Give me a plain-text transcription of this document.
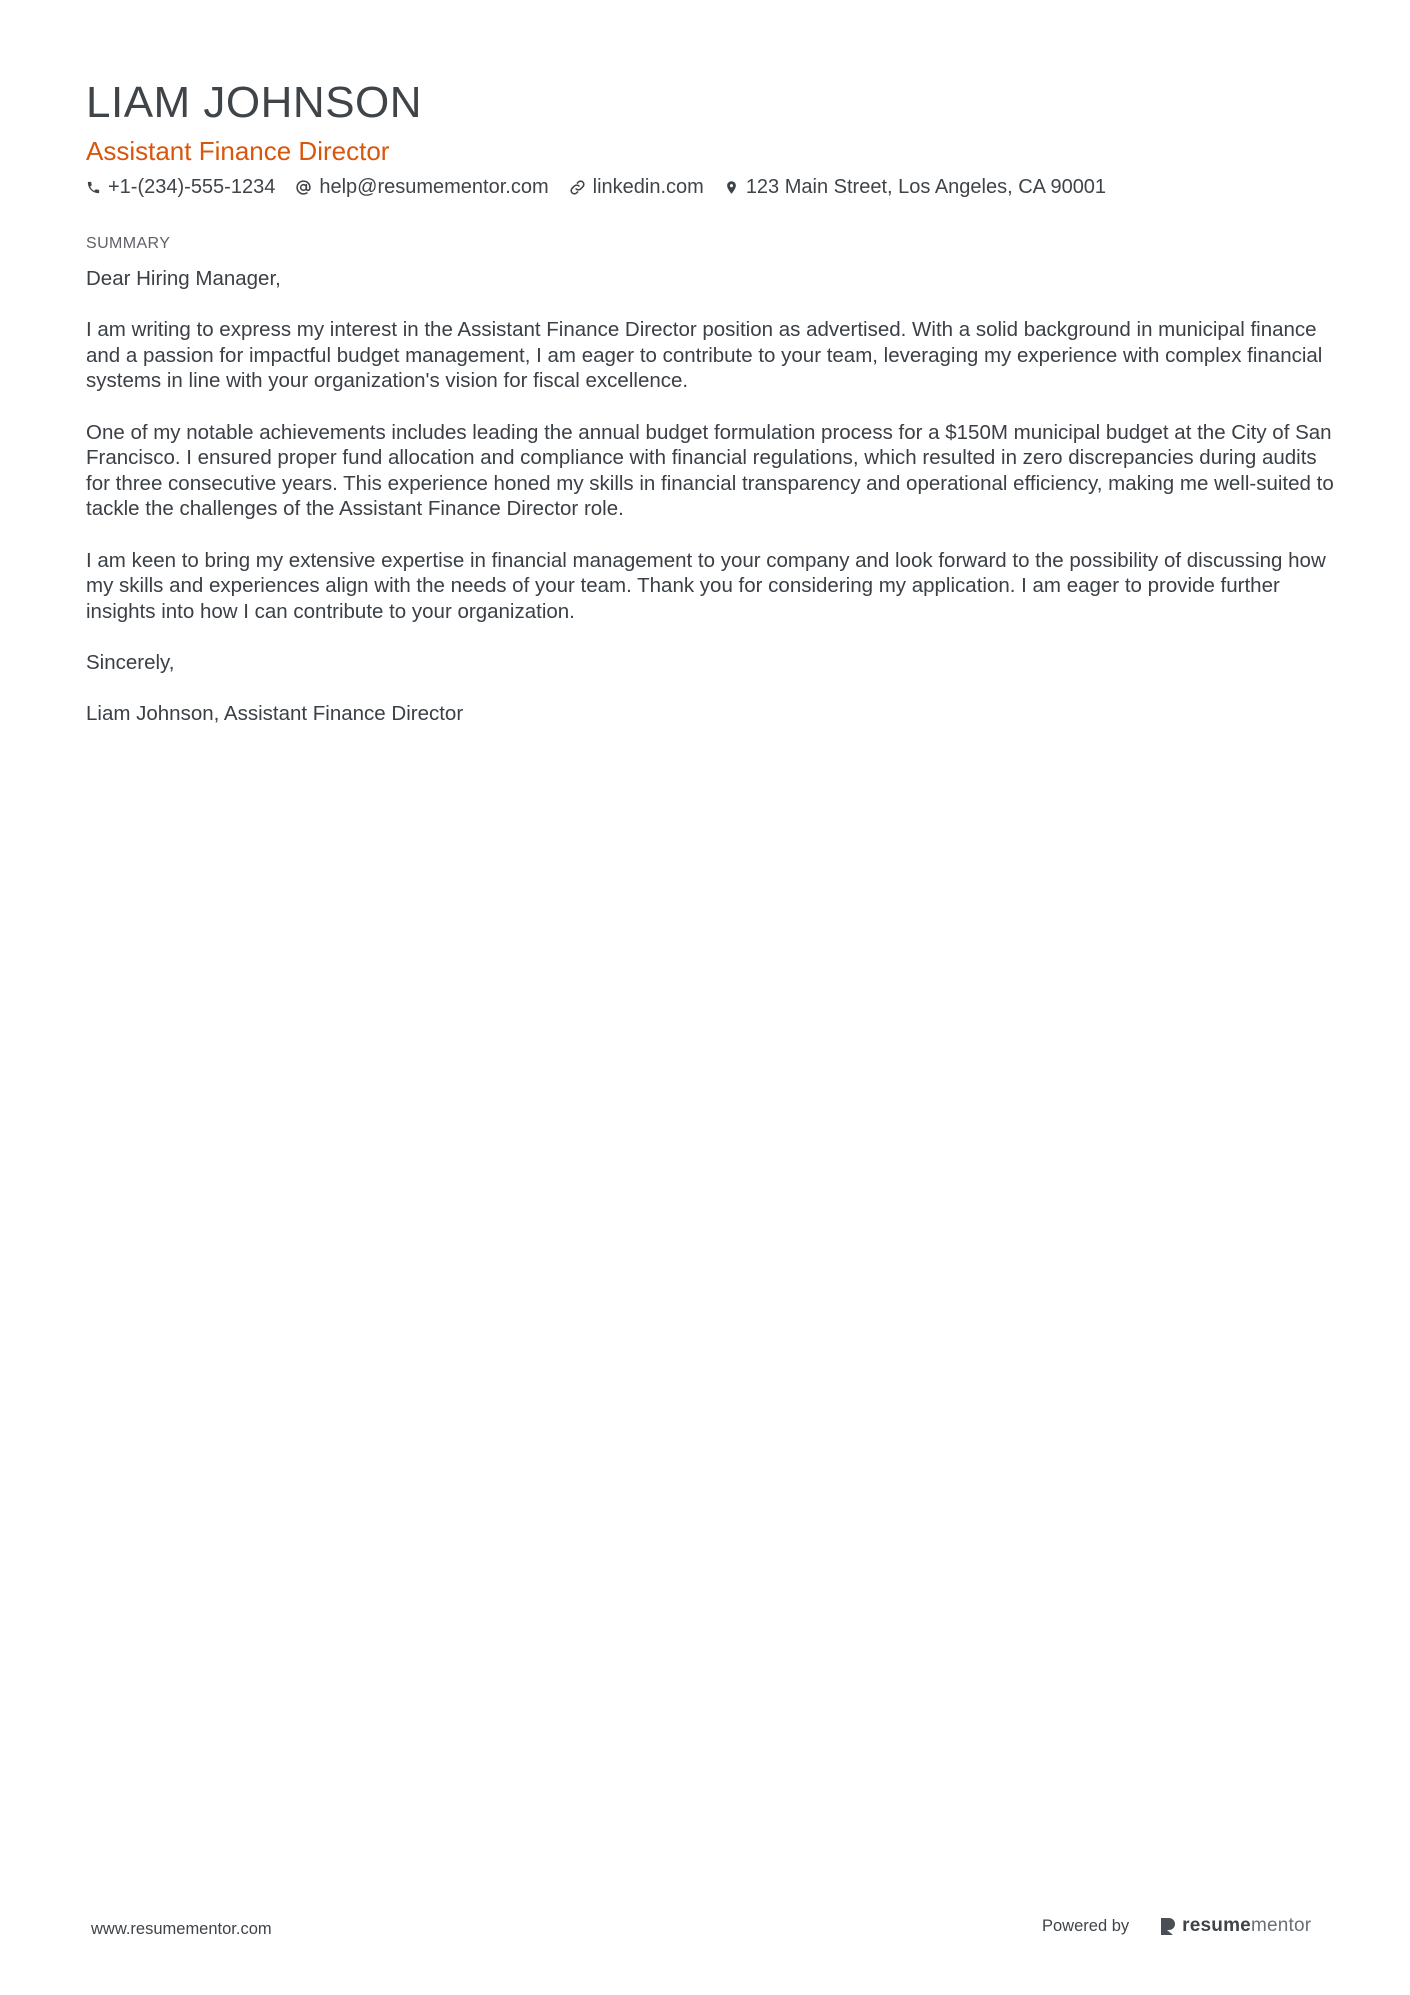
LIAM JOHNSON
Assistant Finance Director
+1-(234)-555-1234 help@resumementor.com linkedin.com 123 Main Street, Los Angeles, CA 90001
SUMMARY

Dear Hiring Manager,

I am writing to express my interest in the Assistant Finance Director position as advertised. With a solid background in municipal finance and a passion for impactful budget management, I am eager to contribute to your team, leveraging my experience with complex financial systems in line with your organization's vision for fiscal excellence.

One of my notable achievements includes leading the annual budget formulation process for a $150M municipal budget at the City of San Francisco. I ensured proper fund allocation and compliance with financial regulations, which resulted in zero discrepancies during audits for three consecutive years. This experience honed my skills in financial transparency and operational efficiency, making me well-suited to tackle the challenges of the Assistant Finance Director role.

I am keen to bring my extensive expertise in financial management to your company and look forward to the possibility of discussing how my skills and experiences align with the needs of your team. Thank you for considering my application. I am eager to provide further insights into how I can contribute to your organization.

Sincerely,

Liam Johnson, Assistant Finance Director

www.resumementor.com	Powered by	resumementor
